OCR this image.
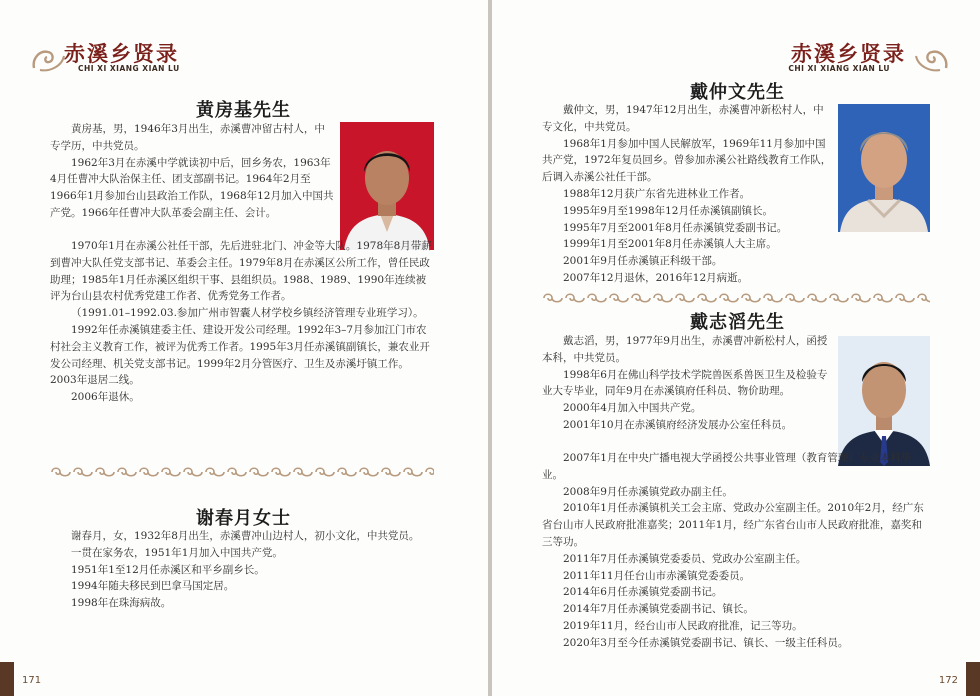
赤溪乡贤录
CHI XI XIANG XIAN LU
黄房基先生

黄房基，男，1946年3月出生，赤溪曹冲留古村人，中专学历，中共党员。

1962年3月在赤溪中学就读初中后，回乡务农，1963年4月任曹冲大队治保主任、团支部副书记。1964年2月至1966年1月参加台山县政治工作队，1968年12月加入中国共产党。1966年任曹冲大队革委会副主任、会计。

1970年1月在赤溪公社任干部，先后进驻北门、冲金等大队。1978年8月带薪到曹冲大队任党支部书记、革委会主任。1979年8月在赤溪区公所工作，曾任民政助理；1985年1月任赤溪区组织干事、县组织员。1988、1989、1990年连续被评为台山县农村优秀党建工作者、优秀党务工作者。

（1991.01–1992.03.参加广州市智囊人材学校乡镇经济管理专业班学习）。

1992年任赤溪镇建委主任、建设开发公司经理。1992年3–7月参加江门市农村社会主义教育工作，被评为优秀工作者。1995年3月任赤溪镇副镇长，兼农业开发公司经理、机关党支部书记。1999年2月分管医疗、卫生及赤溪圩镇工作。2003年退居二线。

2006年退休。

谢春月女士

谢春月，女，1932年8月出生，赤溪曹冲山边村人，初小文化，中共党员。

一贯在家务农，1951年1月加入中国共产党。

1951年1至12月任赤溪区和平乡副乡长。

1994年随夫移民到巴拿马国定居。

1998年在珠海病故。

171
赤溪乡贤录
CHI XI XIANG XIAN LU
戴仲文先生

戴仲文，男，1947年12月出生，赤溪曹冲新松村人，中专文化，中共党员。

1968年1月参加中国人民解放军，1969年11月参加中国共产党，1972年复员回乡。曾参加赤溪公社路线教育工作队，后调入赤溪公社任干部。

1988年12月获广东省先进林业工作者。

1995年9月至1998年12月任赤溪镇副镇长。

1995年7月至2001年8月任赤溪镇党委副书记。

1999年1月至2001年8月任赤溪镇人大主席。

2001年9月任赤溪镇正科级干部。

2007年12月退休，2016年12月病逝。

戴志滔先生

戴志滔，男，1977年9月出生，赤溪曹冲新松村人，函授本科，中共党员。

1998年6月在佛山科学技术学院兽医系兽医卫生及检验专业大专毕业，同年9月在赤溪镇府任科员、物价助理。

2000年4月加入中国共产党。

2001年10月在赤溪镇府经济发展办公室任科员。

2007年1月在中央广播电视大学函授公共事业管理（教育管理）专业本科毕业。

2008年9月任赤溪镇党政办副主任。

2010年1月任赤溪镇机关工会主席、党政办公室副主任。2010年2月，经广东省台山市人民政府批准嘉奖；2011年1月，经广东省台山市人民政府批准，嘉奖和三等功。

2011年7月任赤溪镇党委委员、党政办公室副主任。

2011年11月任台山市赤溪镇党委委员。

2014年6月任赤溪镇党委副书记。

2014年7月任赤溪镇党委副书记、镇长。

2019年11月，经台山市人民政府批准，记三等功。

2020年3月至今任赤溪镇党委副书记、镇长、一级主任科员。

172
